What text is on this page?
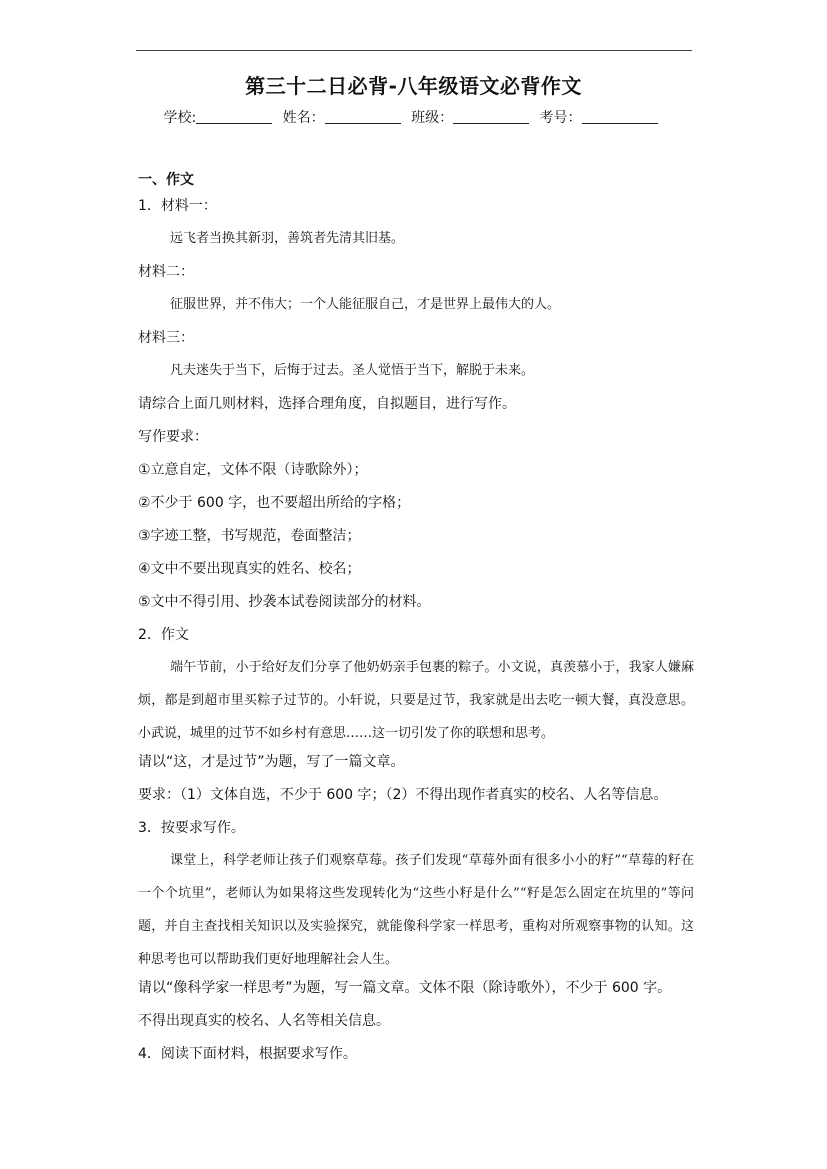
第三十二日必背-八年级语文必背作文
学校:	姓名：	班级：	考号：

一、作文

1．材料一：

远飞者当换其新羽，善筑者先清其旧基。

材料二：

征服世界，并不伟大；一个人能征服自己，才是世界上最伟大的人。

材料三：

凡夫迷失于当下，后悔于过去。圣人觉悟于当下，解脱于未来。

请综合上面几则材料，选择合理角度，自拟题目，进行写作。

写作要求：

①立意自定，文体不限（诗歌除外）；

②不少于 600 字，也不要超出所给的字格；

③字迹工整，书写规范，卷面整洁；

④文中不要出现真实的姓名、校名；

⑤文中不得引用、抄袭本试卷阅读部分的材料。

2．作文

端午节前，小于给好友们分享了他奶奶亲手包裹的粽子。小文说，真羡慕小于，我家人嫌麻烦，都是到超市里买粽子过节的。小轩说，只要是过节，我家就是出去吃一顿大餐，真没意思。小武说，城里的过节不如乡村有意思……这一切引发了你的联想和思考。

请以“这，才是过节”为题，写了一篇文章。

要求：（1）文体自选，不少于 600 字；（2）不得出现作者真实的校名、人名等信息。

3．按要求写作。

课堂上，科学老师让孩子们观察草莓。孩子们发现“草莓外面有很多小小的籽”“草莓的籽在一个个坑里”，老师认为如果将这些发现转化为“这些小籽是什么”“籽是怎么固定在坑里的”等问题，并自主查找相关知识以及实验探究，就能像科学家一样思考，重构对所观察事物的认知。这种思考也可以帮助我们更好地理解社会人生。

请以“像科学家一样思考”为题，写一篇文章。文体不限（除诗歌外），不少于 600 字。

不得出现真实的校名、人名等相关信息。

4．阅读下面材料，根据要求写作。
